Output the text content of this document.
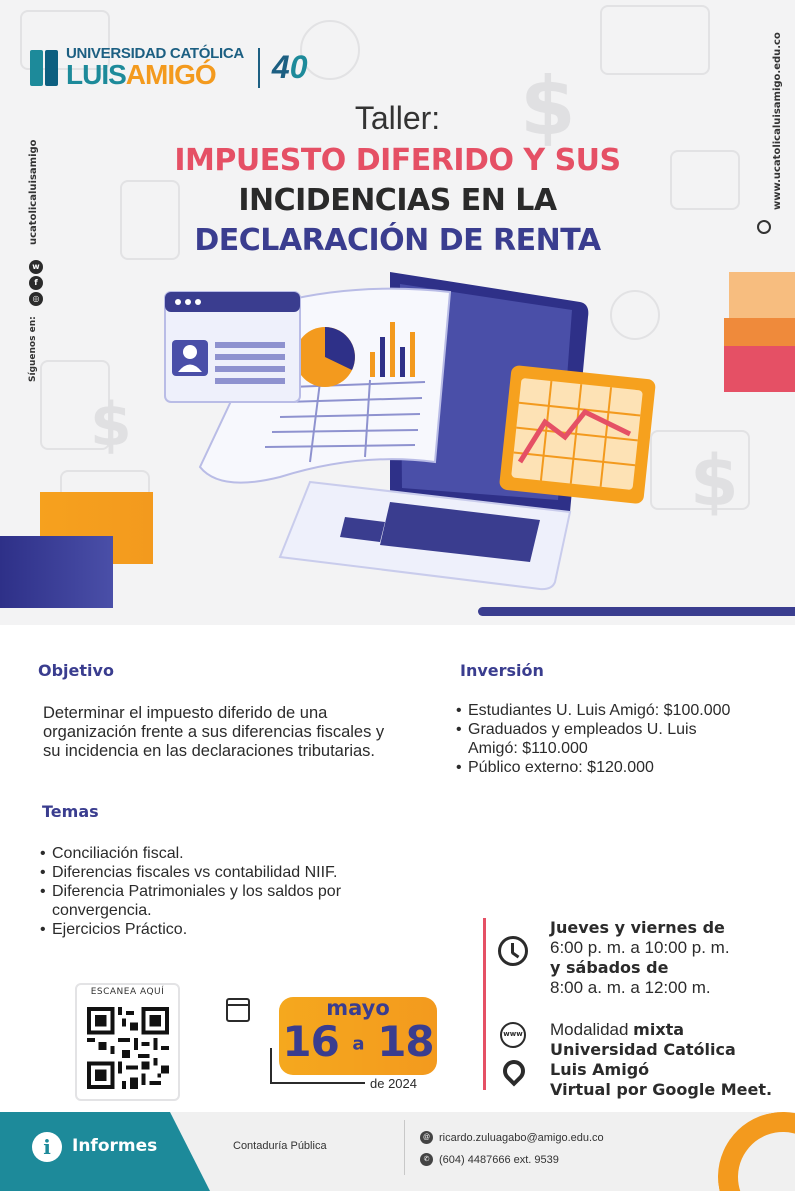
$
$
$
UNIVERSIDAD CATÓLICA
LUISAMIGÓ	40	www.ucatolicaluisamigo.edu.co
ucatolicaluisamigo
Síguenos en:
w
f
◎
Taller:
IMPUESTO DIFERIDO Y SUS
INCIDENCIAS EN LA
DECLARACIÓN DE RENTA
Objetivo
Determinar el impuesto diferido de una organización frente a sus diferencias fiscales y su incidencia en las declaraciones tributarias.
Temas
• Conciliación fiscal.
• Diferencias fiscales vs contabilidad NIIF.
• Diferencia Patrimoniales y los saldos por convergencia.
• Ejercicios Práctico.
Inversión
• Estudiantes U. Luis Amigó: $100.000
• Graduados y empleados U. Luis Amigó: $110.000
• Público externo: $120.000
Jueves y viernes de
6:00 p. m. a 10:00 p. m.
y sábados de
8:00 a. m. a 12:00 m.
www Modalidad mixta
Universidad Católica
Luis Amigó
Virtual por Google Meet.
ESCANEA AQUÍ
mayo
16 a 18
de 2024
i	Informes	Contaduría Pública
@ ricardo.zuluagabo@amigo.edu.co
✆ (604) 4487666 ext. 9539
